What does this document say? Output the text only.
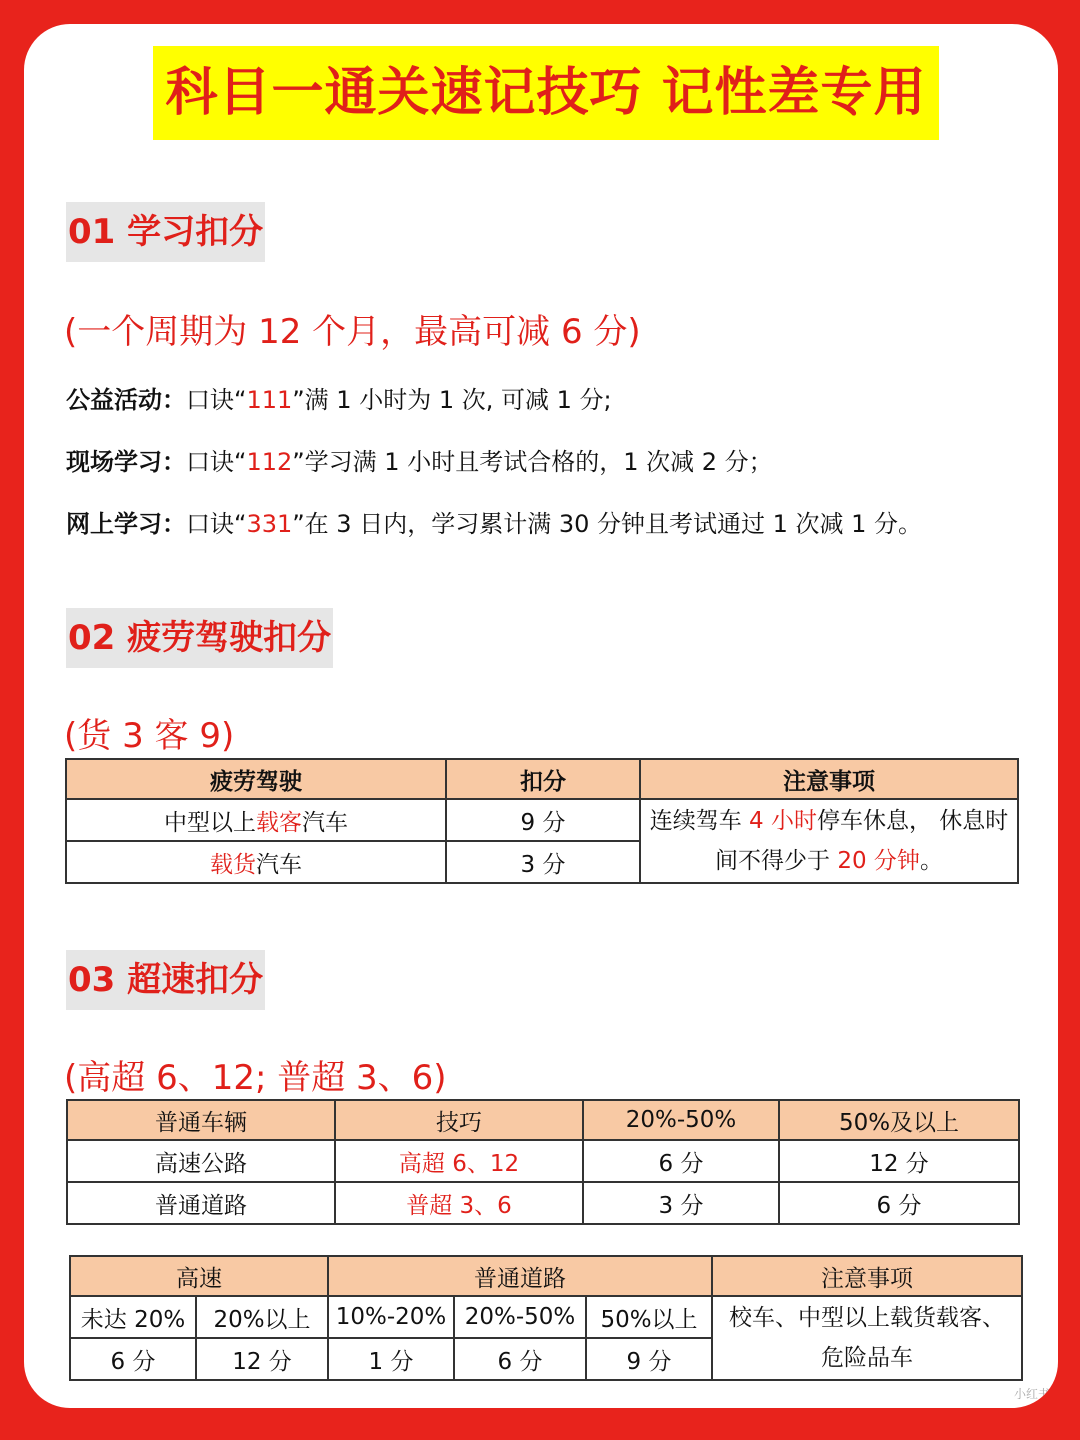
科目一通关速记技巧 记性差专用
01 学习扣分
(一个周期为 12 个月，最高可减 6 分)
公益活动：口诀“111”满 1 小时为 1 次, 可减 1 分;
现场学习：口诀“112”学习满 1 小时且考试合格的，1 次减 2 分；
网上学习：口诀“331”在 3 日内，学习累计满 30 分钟且考试通过 1 次减 1 分。
02 疲劳驾驶扣分
(货 3 客 9)
疲劳驾驶	扣分	注意事项
中型以上载客汽车	9 分	连续驾车 4 小时停车休息， 休息时
间不得少于 20 分钟。
载货汽车	3 分	
03 超速扣分
(高超 6、12; 普超 3、6)
普通车辆	技巧	20%-50%	50%及以上
高速公路	高超 6、12	6 分	12 分
普通道路	普超 3、6	3 分	6 分
高速		普通道路			注意事项
未达 20%	20%以上	10%-20%	20%-50%	50%以上	校车、中型以上载货载客、
危险品车
6 分	12 分	1 分	6 分	9 分	
小红书
